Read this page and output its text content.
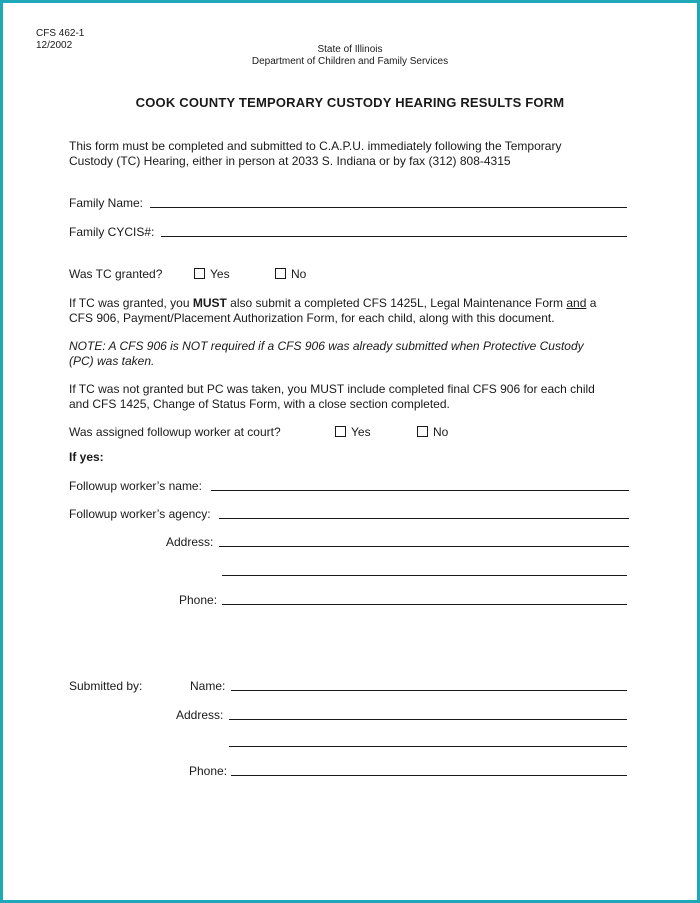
CFS 462-1
12/2002	State of Illinois
Department of Children and Family Services
COOK COUNTY TEMPORARY CUSTODY HEARING RESULTS FORM
This form must be completed and submitted to C.A.P.U. immediately following the Temporary
Custody (TC) Hearing, either in person at 2033 S. Indiana or by fax (312) 808-4315
Family Name:
Family CYCIS#:
Was TC granted?	Yes	No
If TC was granted, you MUST also submit a completed CFS 1425L, Legal Maintenance Form and a
CFS 906, Payment/Placement Authorization Form, for each child, along with this document.
NOTE: A CFS 906 is NOT required if a CFS 906 was already submitted when Protective Custody
(PC) was taken.
If TC was not granted but PC was taken, you MUST include completed final CFS 906 for each child
and CFS 1425, Change of Status Form, with a close section completed.
Was assigned followup worker at court?	Yes	No
If yes:
Followup worker’s name:
Followup worker’s agency:
Address:
Phone:
Submitted by:	Name:
Address:
Phone:
